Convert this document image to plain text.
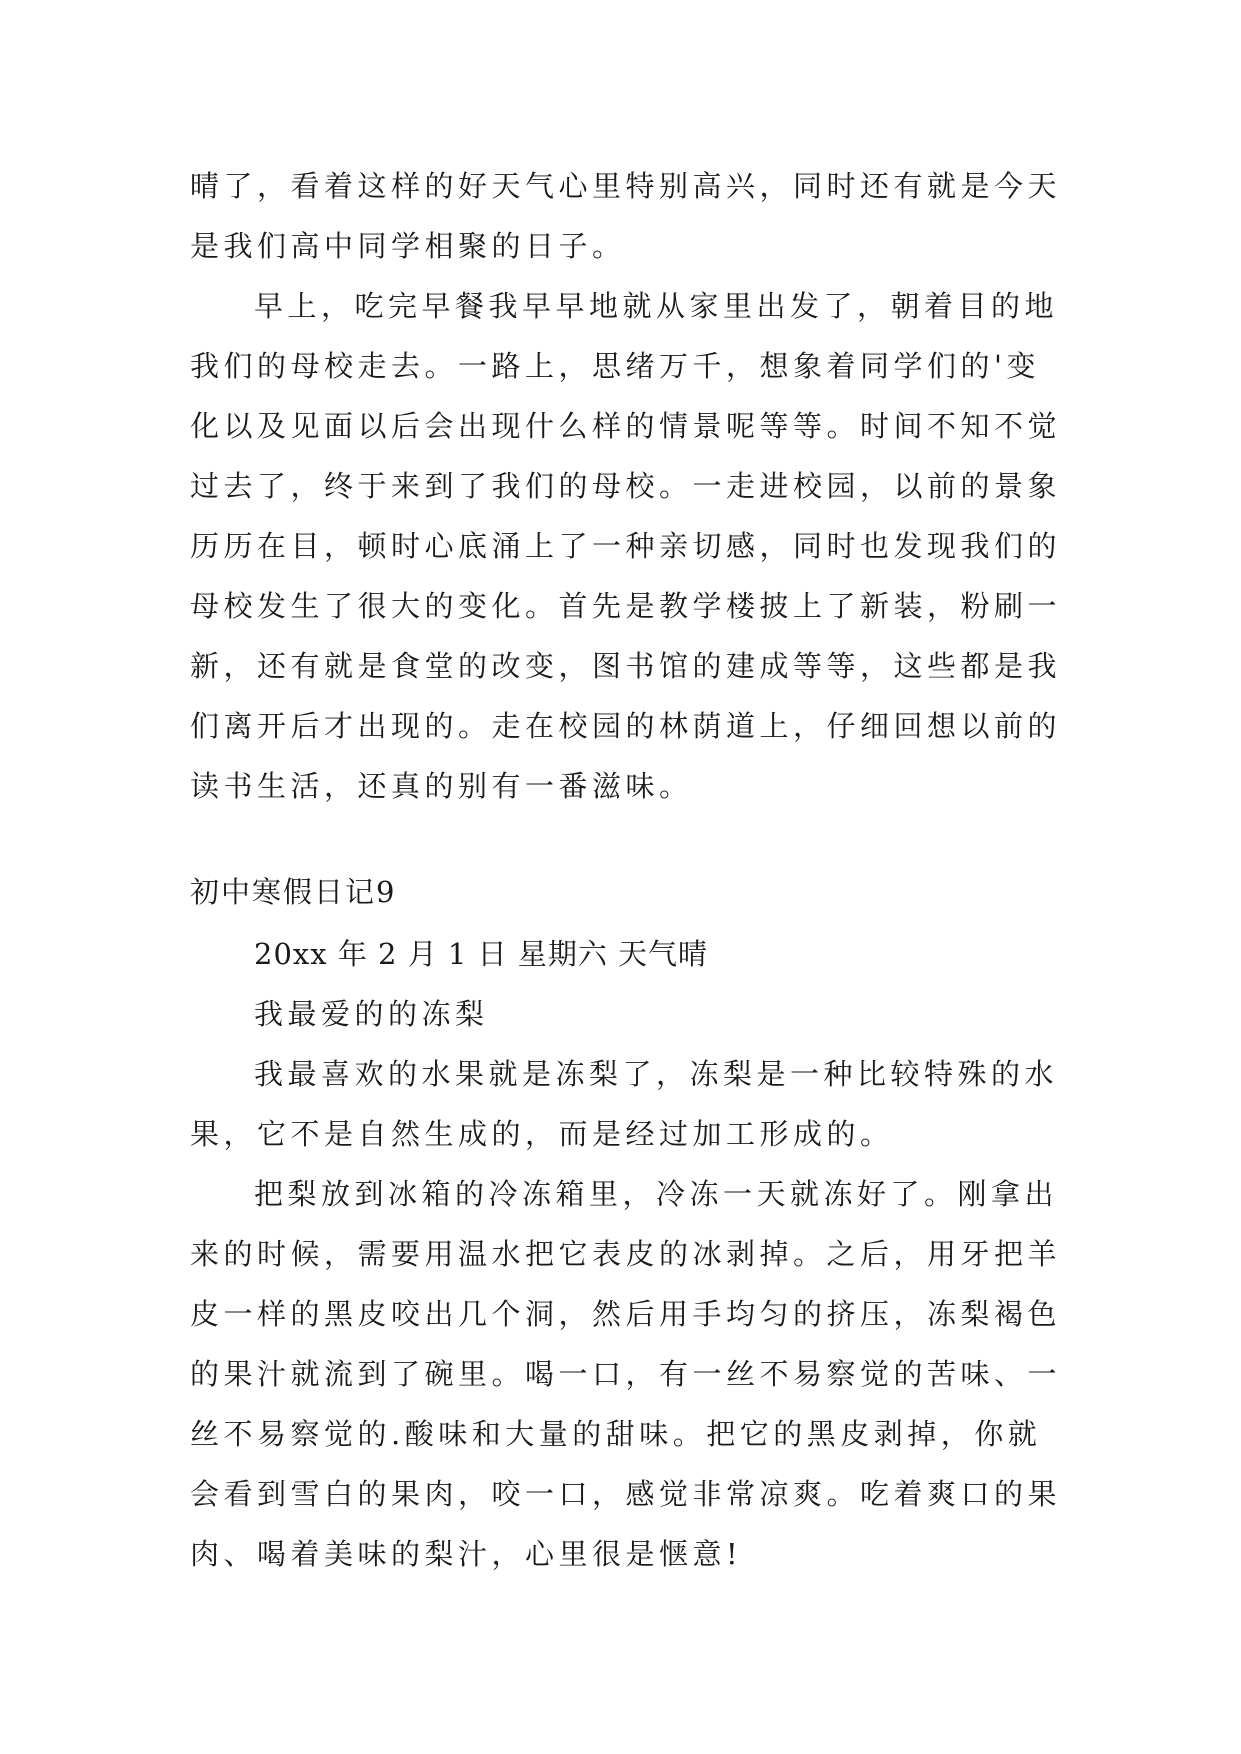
晴了，看着这样的好天气心里特别高兴，同时还有就是今天
是我们高中同学相聚的日子。
早上，吃完早餐我早早地就从家里出发了，朝着目的地
我们的母校走去。一路上，思绪万千，想象着同学们的'变
化以及见面以后会出现什么样的情景呢等等。时间不知不觉
过去了，终于来到了我们的母校。一走进校园，以前的景象
历历在目，顿时心底涌上了一种亲切感，同时也发现我们的
母校发生了很大的变化。首先是教学楼披上了新装，粉刷一
新，还有就是食堂的改变，图书馆的建成等等，这些都是我
们离开后才出现的。走在校园的林荫道上，仔细回想以前的
读书生活，还真的别有一番滋味。
初中寒假日记9
20xx 年 2 月 1 日 星期六 天气晴
我最爱的的冻梨
我最喜欢的水果就是冻梨了，冻梨是一种比较特殊的水
果，它不是自然生成的，而是经过加工形成的。
把梨放到冰箱的冷冻箱里，冷冻一天就冻好了。刚拿出
来的时候，需要用温水把它表皮的冰剥掉。之后，用牙把羊
皮一样的黑皮咬出几个洞，然后用手均匀的挤压，冻梨褐色
的果汁就流到了碗里。喝一口，有一丝不易察觉的苦味、一
丝不易察觉的.酸味和大量的甜味。把它的黑皮剥掉，你就
会看到雪白的果肉，咬一口，感觉非常凉爽。吃着爽口的果
肉、喝着美味的梨汁，心里很是惬意!
